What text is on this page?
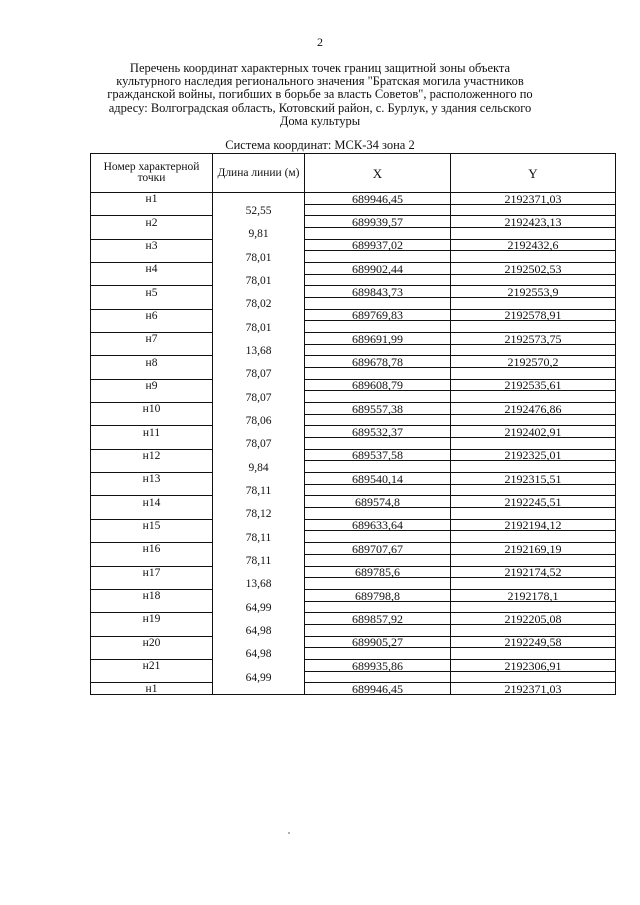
2
Перечень координат характерных точек границ защитной зоны объекта культурного наследия регионального значения "Братская могила участников гражданской войны, погибших в борьбе за власть Советов", расположенного по адресу: Волгоградская область, Котовский район, с. Бурлук, у здания сельского Дома культуры
Система координат: МСК-34 зона 2
Номер характерной точки	Длина линии (м)	X	Y
н1		689946,45	2192371,03
	52,55		
н2		689939,57	2192423,13
	9,81		
н3		689937,02	2192432,6
	78,01		
н4		689902,44	2192502,53
	78,01		
н5		689843,73	2192553,9
	78,02		
н6		689769,83	2192578,91
	78,01		
н7		689691,99	2192573,75
	13,68		
н8		689678,78	2192570,2
	78,07		
н9		689608,79	2192535,61
	78,07		
н10		689557,38	2192476,86
	78,06		
н11		689532,37	2192402,91
	78,07		
н12		689537,58	2192325,01
	9,84		
н13		689540,14	2192315,51
	78,11		
н14		689574,8	2192245,51
	78,12		
н15		689633,64	2192194,12
	78,11		
н16		689707,67	2192169,19
	78,11		
н17		689785,6	2192174,52
	13,68		
н18		689798,8	2192178,1
	64,99		
н19		689857,92	2192205,08
	64,98		
н20		689905,27	2192249,58
	64,98		
н21		689935,86	2192306,91
	64,99		
н1		689946,45	2192371,03
